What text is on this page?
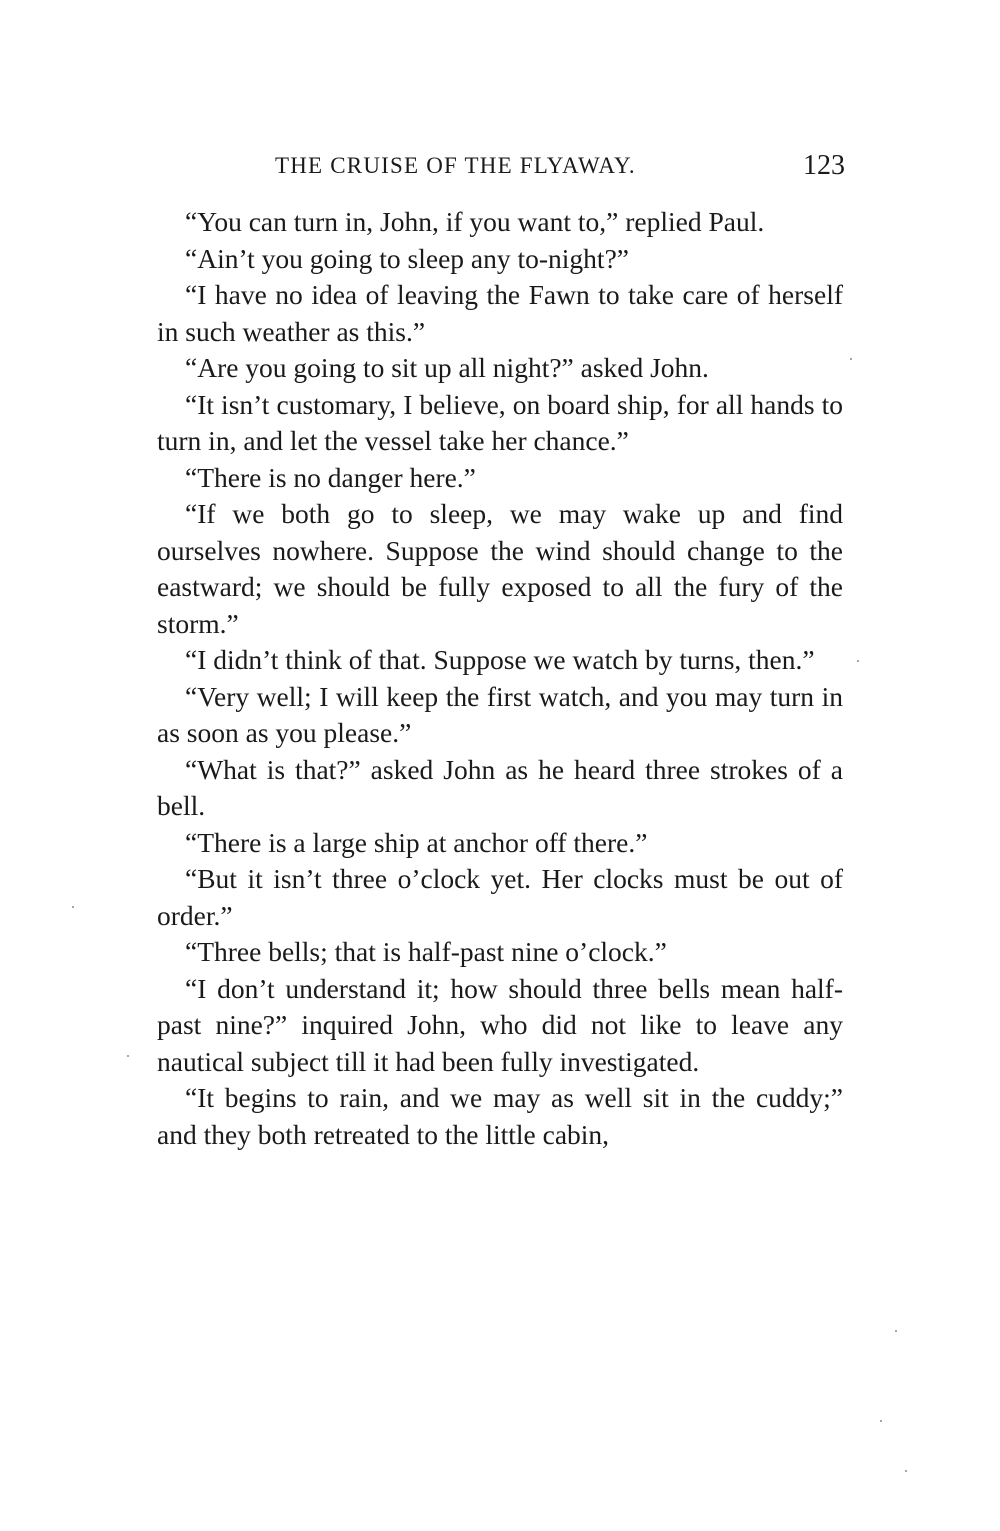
THE CRUISE OF THE FLYAWAY.	123

“You can turn in, John, if you want to,” replied Paul.

“Ain’t you going to sleep any to-night?”

“I have no idea of leaving the Fawn to take care of herself in such weather as this.”

“Are you going to sit up all night?” asked John.

“It isn’t customary, I believe, on board ship, for all hands to turn in, and let the vessel take her chance.”

“There is no danger here.”

“If we both go to sleep, we may wake up and find ourselves nowhere. Suppose the wind should change to the eastward; we should be fully exposed to all the fury of the storm.”

“I didn’t think of that. Suppose we watch by turns, then.”

“Very well; I will keep the first watch, and you may turn in as soon as you please.”

“What is that?” asked John as he heard three strokes of a bell.

“There is a large ship at anchor off there.”

“But it isn’t three o’clock yet. Her clocks must be out of order.”

“Three bells; that is half-past nine o’clock.”

“I don’t understand it; how should three bells mean half-past nine?” inquired John, who did not like to leave any nautical subject till it had been fully investigated.

“It begins to rain, and we may as well sit in the cuddy;” and they both retreated to the little cabin,
